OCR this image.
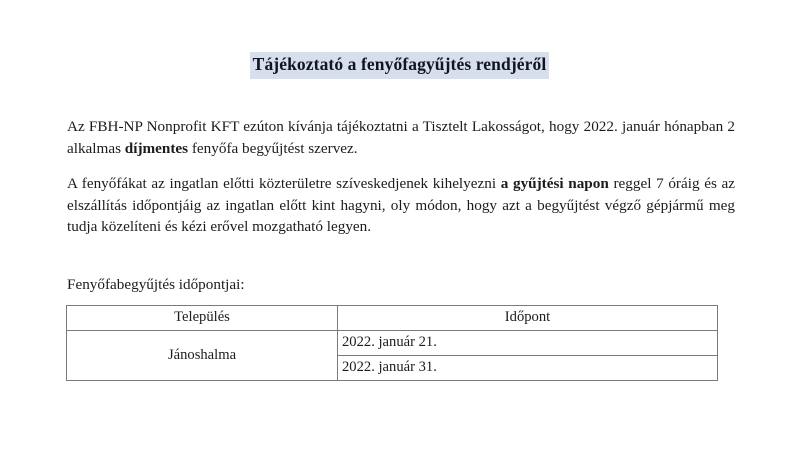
Tájékoztató a fenyőfagyűjtés rendjéről

Az FBH-NP Nonprofit KFT ezúton kívánja tájékoztatni a Tisztelt Lakosságot, hogy 2022. január hónapban 2 alkalmas díjmentes fenyőfa begyűjtést szervez.

A fenyőfákat az ingatlan előtti közterületre szíveskedjenek kihelyezni a gyűjtési napon reggel 7 óráig és az elszállítás időpontjáig az ingatlan előtt kint hagyni, oly módon, hogy azt a begyűjtést végző gépjármű meg tudja közelíteni és kézi erővel mozgatható legyen.

Fenyőfabegyűjtés időpontjai:
Település	Időpont
Jánoshalma	2022. január 21.
	2022. január 31.
